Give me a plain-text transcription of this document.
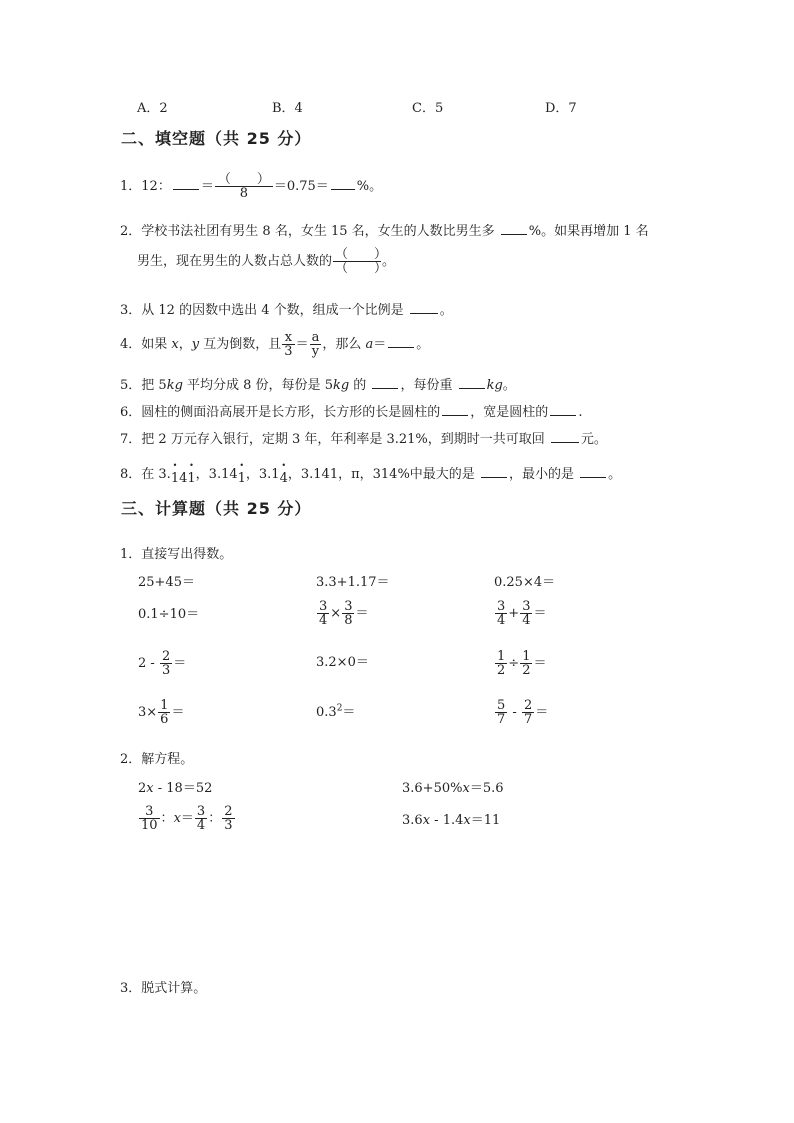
A．2	B．4	C．5	D．7
二、填空题（共 25 分）
1．12： ＝ $\frac{( )}{8} =0.75=$ %。
2．学校书法社团有男生 8 名，女生 15 名，女生的人数比男生多 %。如果再增加 1 名
男生，现在男生的人数占总人数的 $\frac{( )}{( )}$ 。
3．从 12 的因数中选出 4 个数，组成一个比例是 。
4．如果 x，y 互为倒数，且 $\frac{x}{3} = \frac{a}{y}$ ，那么 a＝ 。
5．把 5kg 平均分成 8 份，每份是 5kg 的 ，每份重 kg。
6．圆柱的侧面沿高展开是长方形，长方形的长是圆柱的 ，宽是圆柱的 .
7．把 2 万元存入银行，定期 3 年，年利率是 3.21%，到期时一共可取回 元。
8．在 3.• 14• 1，3.14• 1，3.1• 4，3.141，π，314%中最大的是 ，最小的是 。
三、计算题（共 25 分）
1．直接写出得数。
25+45＝	3.3+1.17＝	0.25×4＝
0.1÷10＝	$\frac{3}{4} \times \frac{3}{8}$ ＝	$\frac{3}{4} + \frac{3}{4}$ ＝
$2 - \frac{2}{3}$ ＝	3.2×0＝	$\frac{1}{2} \div \frac{1}{2}$ ＝
$3\times \frac{1}{6}$ ＝	$0.3^2=$	$\frac{5}{7} - \frac{2}{7}$ ＝
2．解方程。
2x - 18＝52	3.6+50%x＝5.6
$\frac{3}{10}$ ：$x= \frac{3}{4}$ ： $\frac{2}{3}$	3.6x - 1.4x＝11
3．脱式计算。
